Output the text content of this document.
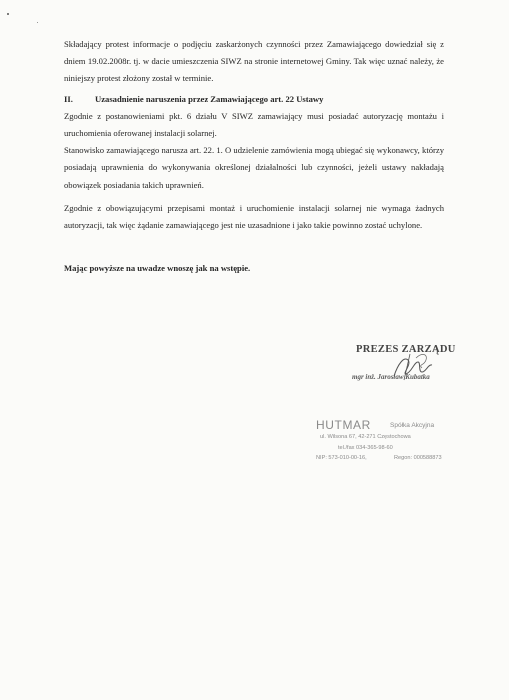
Składający protest informacje o podjęciu zaskarżonych czynności przez Zamawiającego dowiedział się z dniem 19.02.2008r. tj. w dacie umieszczenia SIWZ na stronie internetowej Gminy. Tak więc uznać należy, że niniejszy protest złożony został w terminie.

II.	Uzasadnienie naruszenia przez Zamawiającego art. 22 Ustawy

Zgodnie z postanowieniami pkt. 6 działu V SIWZ zamawiający musi posiadać autoryzację montażu i uruchomienia oferowanej instalacji solarnej.

Stanowisko zamawiającego narusza art. 22. 1. O udzielenie zamówienia mogą ubiegać się wykonawcy, którzy posiadają uprawnienia do wykonywania określonej działalności lub czynności, jeżeli ustawy nakładają obowiązek posiadania takich uprawnień.

Zgodnie z obowiązującymi przepisami montaż i uruchomienie instalacji solarnej nie wymaga żadnych autoryzacji, tak więc żądanie zamawiającego jest nie uzasadnione i jako takie powinno zostać uchylone.

Mając powyższe na uwadze wnoszę jak na wstępie.

PREZES ZARZĄDU
mgr inż. Jarosław Kubatka
HUTMAR	Spółka Akcyjna
ul. Wilsona 67, 42-271 Częstochowa
tel./fax 034-365-98-60
NIP: 573-010-00-16,	Regon: 000588873
